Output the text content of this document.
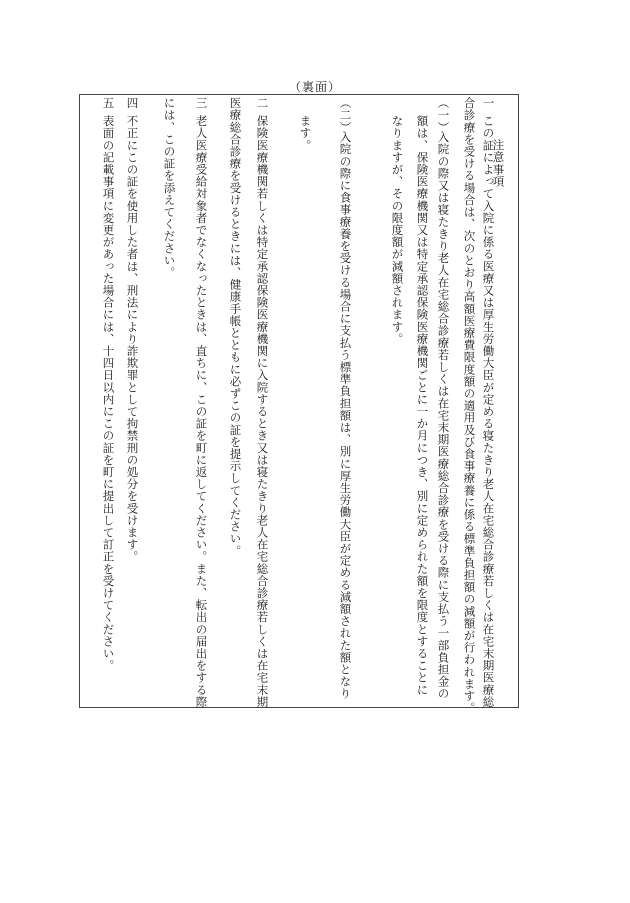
（裏面）
注意事項
一
この証によって入院に係る医療又は厚生労働大臣が定める寝たきり老人在宅総合診療若しくは在宅末期医療総
合診療を受ける場合は、次のとおり高額医療費限度額の適用及び食事療養に係る標準負担額の減額が行われます。
（一）
入院の際又は寝たきり老人在宅総合診療若しくは在宅末期医療総合診療を受ける際に支払う一部負担金の
額は、保険医療機関又は特定承認保険医療機関ごとに一か月につき、別に定められた額を限度とすることに
なりますが、その限度額が減額されます。
（二）
入院の際に食事療養を受ける場合に支払う標準負担額は、別に厚生労働大臣が定める減額された額となり
ます。
二
保険医療機関若しくは特定承認保険医療機関に入院するとき又は寝たきり老人在宅総合診療若しくは在宅末期
医療総合診療を受けるときには、健康手帳とともに必ずこの証を提示してください。
三
老人医療受給対象者でなくなったときは、直ちに、この証を町に返してください。また、転出の届出をする際
には、この証を添えてください。
四
不正にこの証を使用した者は、刑法により詐欺罪として拘禁刑の処分を受けます。
五
表面の記載事項に変更があった場合には、十四日以内にこの証を町に提出して訂正を受けてください。
